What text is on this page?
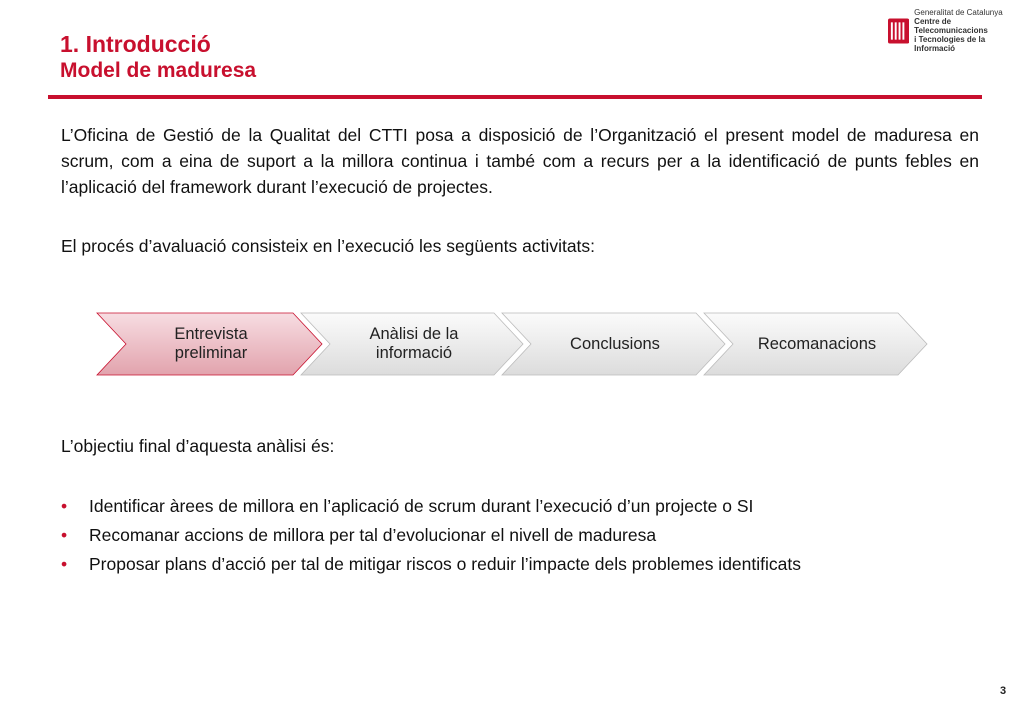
1. Introducció
Model de maduresa
Generalitat de Catalunya
Centre de Telecomunicacions
i Tecnologies de la Informació

L’Oficina de Gestió de la Qualitat del CTTI posa a disposició de l’Organització el present model de maduresa en scrum, com a eina de suport a la millora continua i també com a recurs per a la identificació de punts febles en l’aplicació del framework durant l’execució de projectes.

El procés d’avaluació consisteix en l’execució les següents activitats:

Entrevista
preliminar
Anàlisi de la
informació
Conclusions	Recomanacions

L’objectiu final d’aquesta anàlisi és:

• Identificar àrees de millora en l’aplicació de scrum durant l’execució d’un projecte o SI
• Recomanar accions de millora per tal d’evolucionar el nivell de maduresa
• Proposar plans d’acció per tal de mitigar riscos o reduir l’impacte dels problemes identificats
3
